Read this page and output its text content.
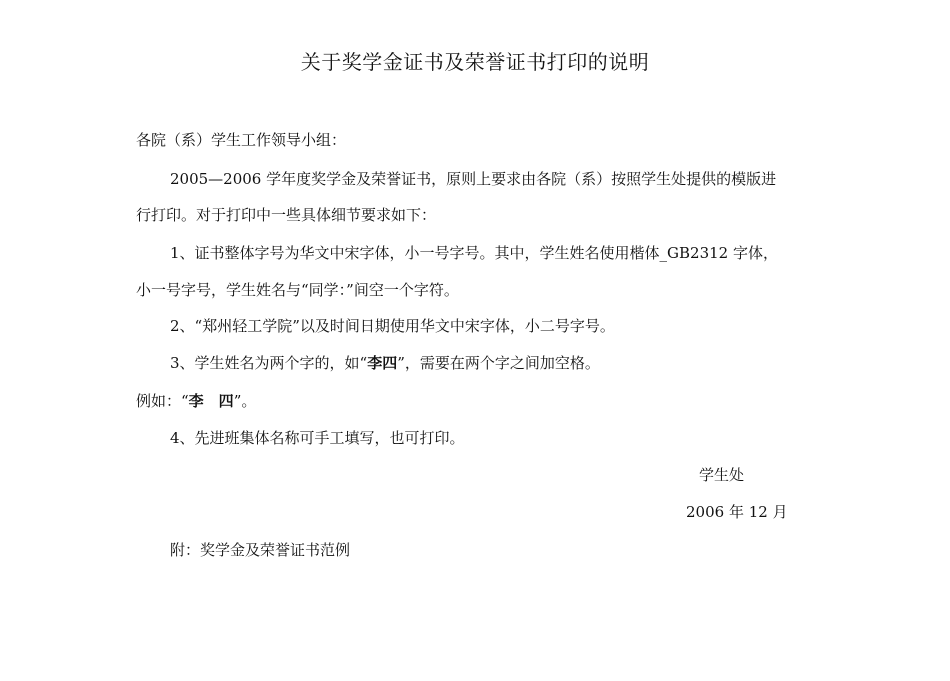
关于奖学金证书及荣誉证书打印的说明
各院（系）学生工作领导小组：
2005—2006 学年度奖学金及荣誉证书，原则上要求由各院（系）按照学生处提供的模版进
行打印。对于打印中一些具体细节要求如下：
1、证书整体字号为华文中宋字体，小一号字号。其中，学生姓名使用楷体_GB2312 字体，
小一号字号，学生姓名与“同学：”间空一个字符。
2、“郑州轻工学院”以及时间日期使用华文中宋字体，小二号字号。
3、学生姓名为两个字的，如“李四”，需要在两个字之间加空格。
例如：“李　四”。
4、先进班集体名称可手工填写，也可打印。
学生处
2006 年 12 月
附：奖学金及荣誉证书范例
